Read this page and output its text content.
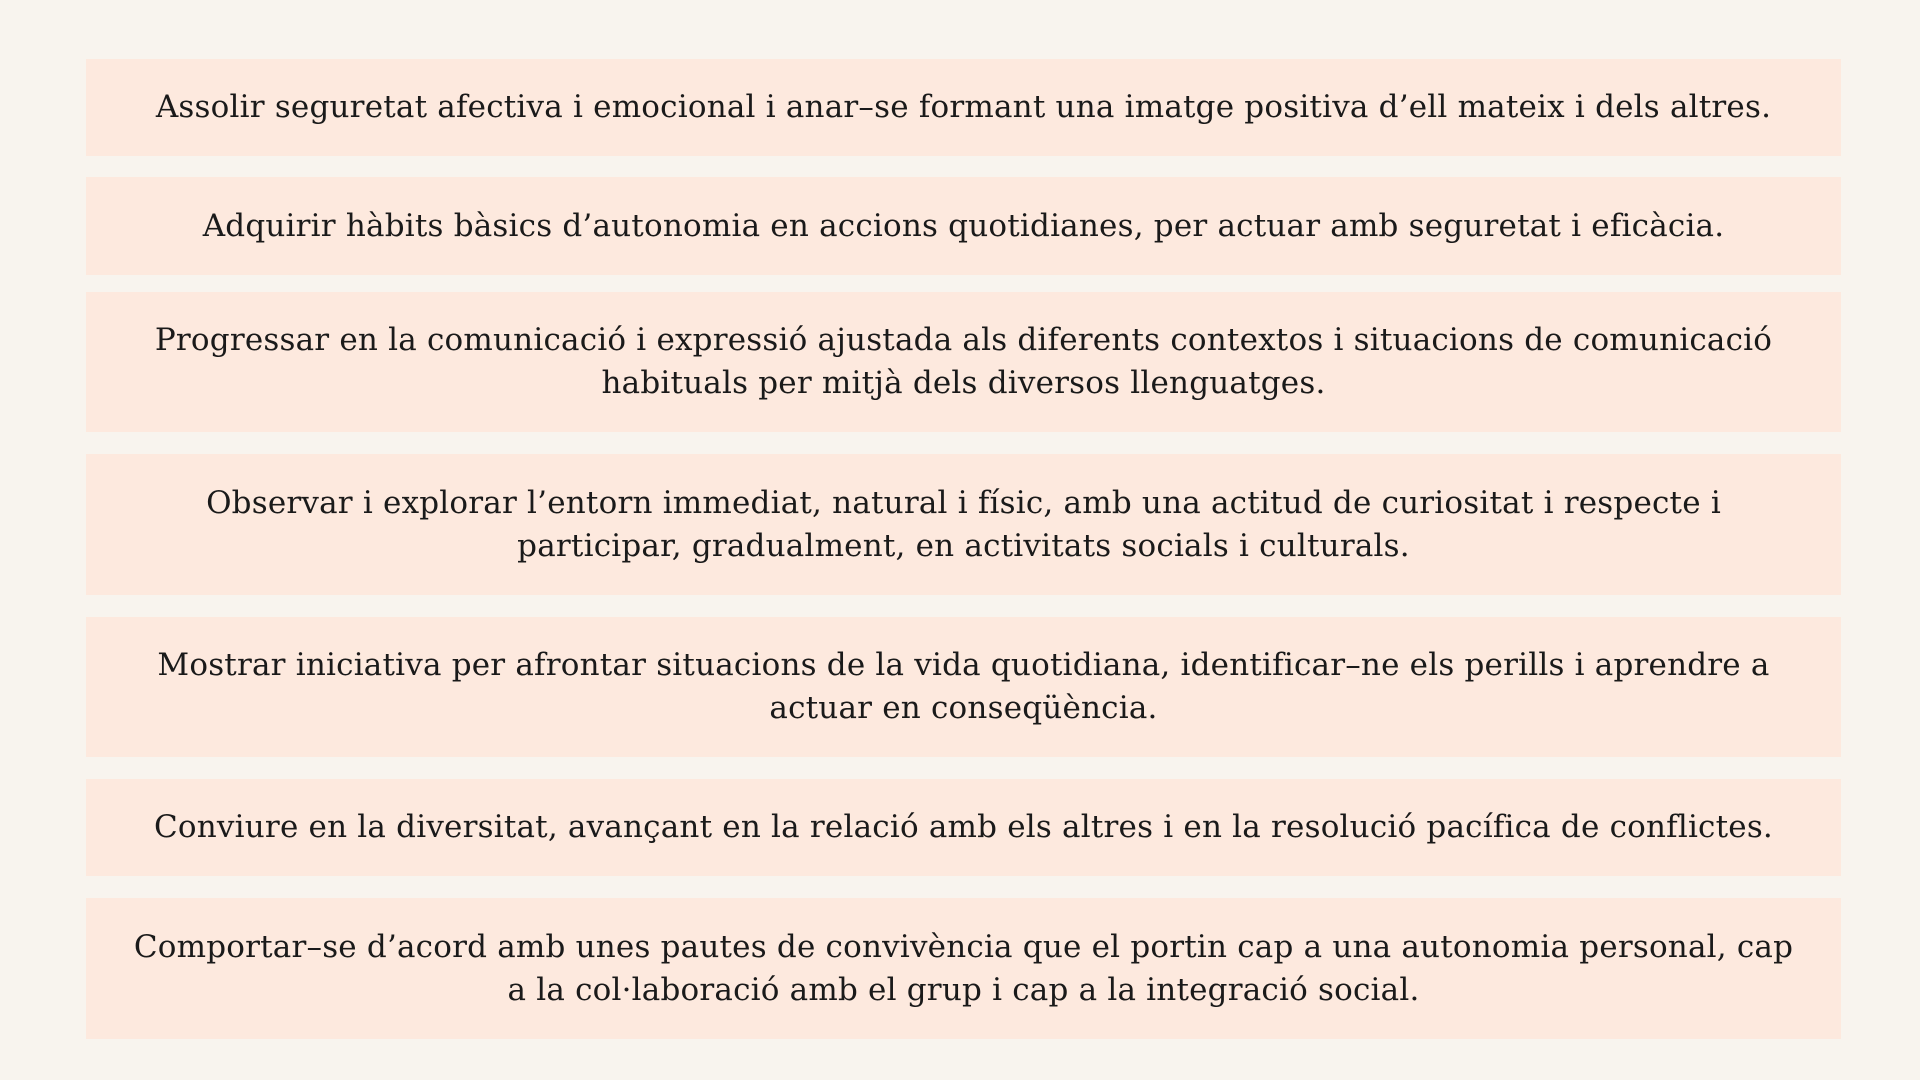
Assolir seguretat afectiva i emocional i anar–se formant una imatge positiva d’ell mateix i dels altres.

Adquirir hàbits bàsics d’autonomia en accions quotidianes, per actuar amb seguretat i eficàcia.

Progressar en la comunicació i expressió ajustada als diferents contextos i situacions de comunicació habituals per mitjà dels diversos llenguatges.

Observar i explorar l’entorn immediat, natural i físic, amb una actitud de curiositat i respecte i participar, gradualment, en activitats socials i culturals.

Mostrar iniciativa per afrontar situacions de la vida quotidiana, identificar–ne els perills i aprendre a actuar en conseqüència.

Conviure en la diversitat, avançant en la relació amb els altres i en la resolució pacífica de conflictes.

Comportar–se d’acord amb unes pautes de convivència que el portin cap a una autonomia personal, cap a la col·laboració amb el grup i cap a la integració social.
